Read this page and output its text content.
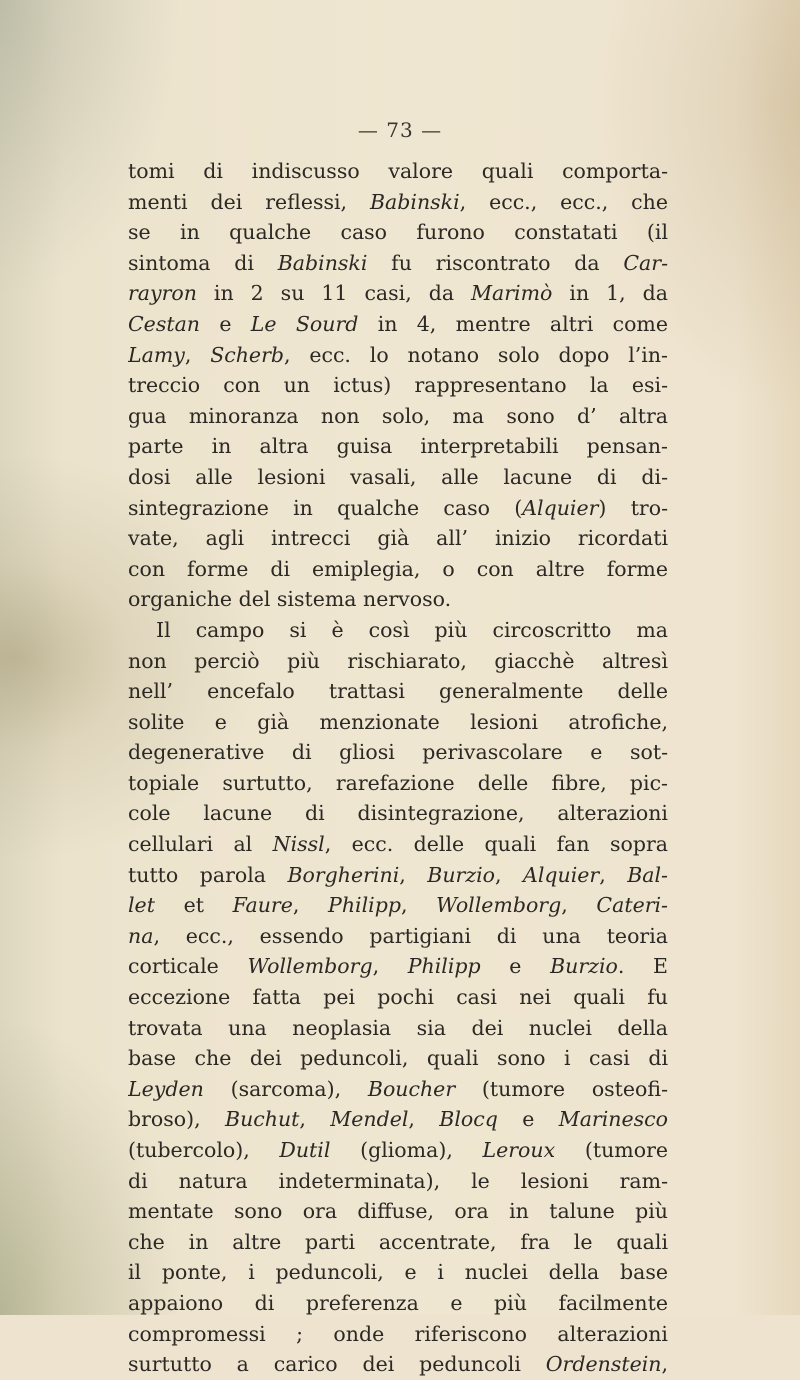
— 73 —
tomi di indiscusso valore quali comporta-
menti dei reflessi, Babinski, ecc., ecc., che
se in qualche caso furono constatati (il
sintoma di Babinski fu riscontrato da Car-
rayron in 2 su 11 casi, da Marimò in 1, da
Cestan e Le Sourd in 4, mentre altri come
Lamy, Scherb, ecc. lo notano solo dopo l’in-
treccio con un ictus) rappresentano la esi-
gua minoranza non solo, ma sono d’ altra
parte in altra guisa interpretabili pensan-
dosi alle lesioni vasali, alle lacune di di-
sintegrazione in qualche caso (Alquier) tro-
vate, agli intrecci già all’ inizio ricordati
con forme di emiplegia, o con altre forme
organiche del sistema nervoso.
Il campo si è così più circoscritto ma
non perciò più rischiarato, giacchè altresì
nell’ encefalo trattasi generalmente delle
solite e già menzionate lesioni atrofiche,
degenerative di gliosi perivascolare e sot-
topiale surtutto, rarefazione delle fibre, pic-
cole lacune di disintegrazione, alterazioni
cellulari al Nissl, ecc. delle quali fan sopra
tutto parola Borgherini, Burzio, Alquier, Bal-
let et Faure, Philipp, Wollemborg, Cateri-
na, ecc., essendo partigiani di una teoria
corticale Wollemborg, Philipp e Burzio. E
eccezione fatta pei pochi casi nei quali fu
trovata una neoplasia sia dei nuclei della
base che dei peduncoli, quali sono i casi di
Leyden (sarcoma), Boucher (tumore osteofi-
broso), Buchut, Mendel, Blocq e Marinesco
(tubercolo), Dutil (glioma), Leroux (tumore
di natura indeterminata), le lesioni ram-
mentate sono ora diffuse, ora in talune più
che in altre parti accentrate, fra le quali
il ponte, i peduncoli, e i nuclei della base
appaiono di preferenza e più facilmente
compromessi ; onde riferiscono alterazioni
surtutto a carico dei peduncoli Ordenstein,
